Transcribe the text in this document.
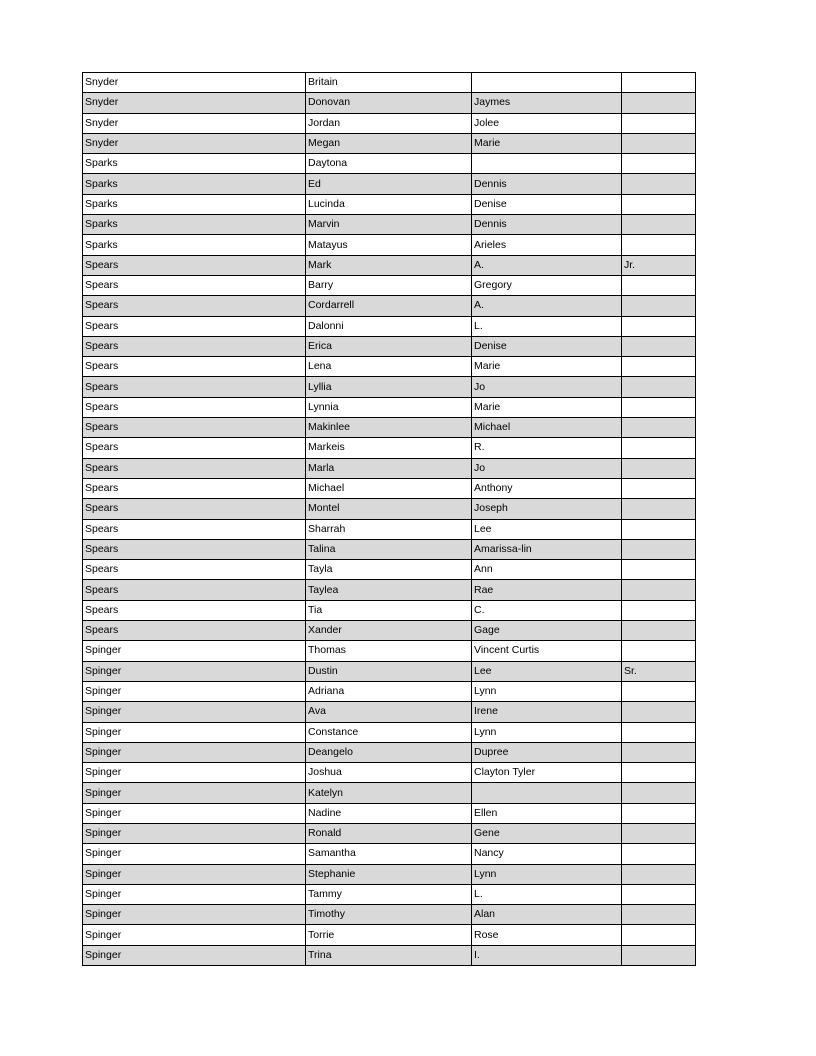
Snyder	Britain		
Snyder	Donovan	Jaymes	
Snyder	Jordan	Jolee	
Snyder	Megan	Marie	
Sparks	Daytona		
Sparks	Ed	Dennis	
Sparks	Lucinda	Denise	
Sparks	Marvin	Dennis	
Sparks	Matayus	Arieles	
Spears	Mark	A.	Jr.
Spears	Barry	Gregory	
Spears	Cordarrell	A.	
Spears	Dalonni	L.	
Spears	Erica	Denise	
Spears	Lena	Marie	
Spears	Lyllia	Jo	
Spears	Lynnia	Marie	
Spears	Makinlee	Michael	
Spears	Markeis	R.	
Spears	Marla	Jo	
Spears	Michael	Anthony	
Spears	Montel	Joseph	
Spears	Sharrah	Lee	
Spears	Talina	Amarissa-lin	
Spears	Tayla	Ann	
Spears	Taylea	Rae	
Spears	Tia	C.	
Spears	Xander	Gage	
Spinger	Thomas	Vincent Curtis	
Spinger	Dustin	Lee	Sr.
Spinger	Adriana	Lynn	
Spinger	Ava	Irene	
Spinger	Constance	Lynn	
Spinger	Deangelo	Dupree	
Spinger	Joshua	Clayton Tyler	
Spinger	Katelyn		
Spinger	Nadine	Ellen	
Spinger	Ronald	Gene	
Spinger	Samantha	Nancy	
Spinger	Stephanie	Lynn	
Spinger	Tammy	L.	
Spinger	Timothy	Alan	
Spinger	Torrie	Rose	
Spinger	Trina	I.	
